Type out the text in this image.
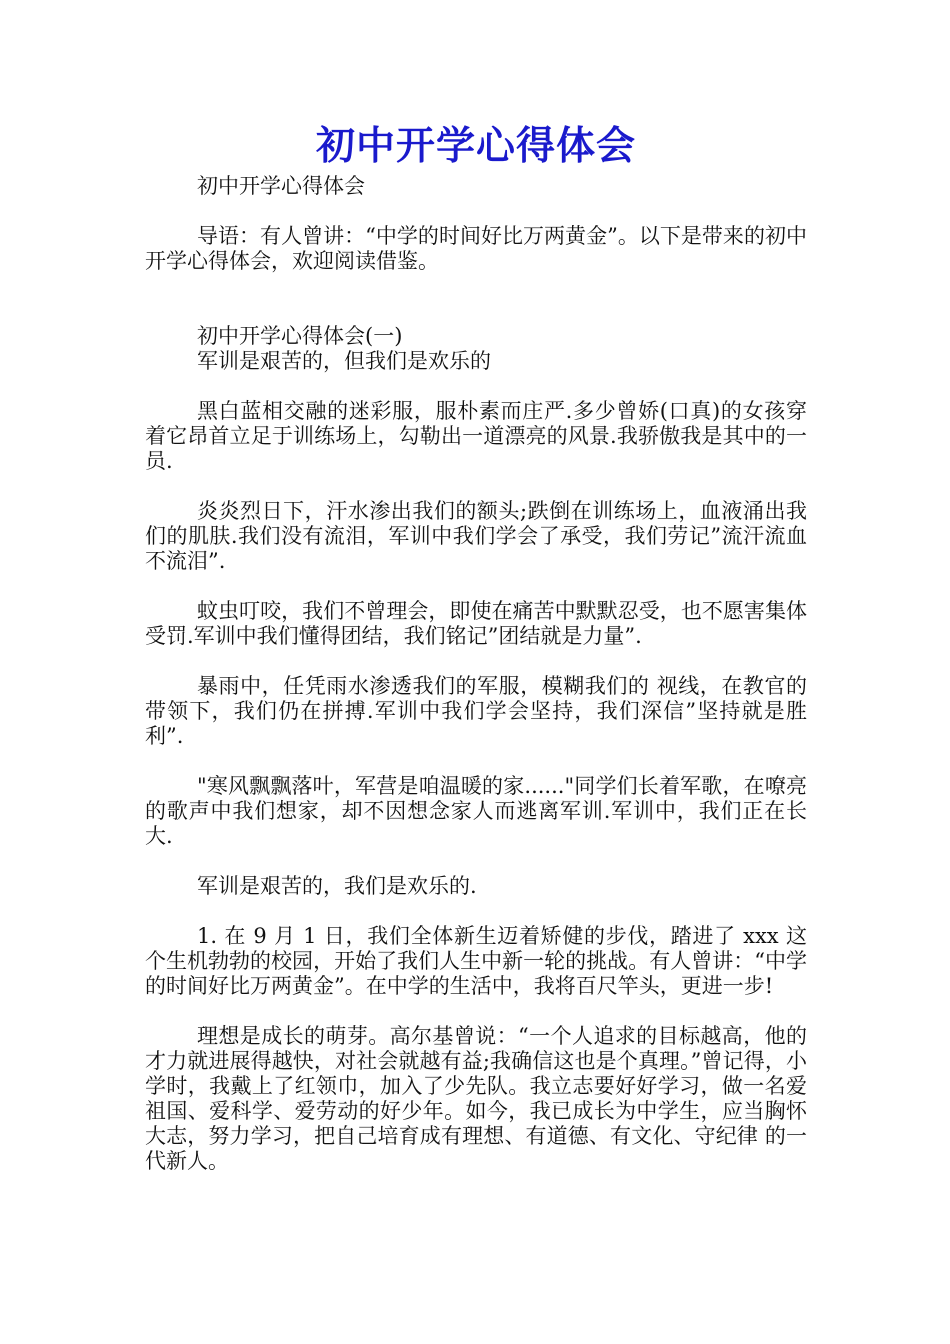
初中开学心得体会

初中开学心得体会

导语：有人曾讲：“中学的时间好比万两黄金”。以下是带来的初中开学心得体会，欢迎阅读借鉴。

初中开学心得体会(一)

军训是艰苦的，但我们是欢乐的

黑白蓝相交融的迷彩服，服朴素而庄严.多少曾娇(口真)的女孩穿着它昂首立足于训练场上，勾勒出一道漂亮的风景.我骄傲我是其中的一员.

炎炎烈日下，汗水渗出我们的额头;跌倒在训练场上，血液涌出我们的肌肤.我们没有流泪，军训中我们学会了承受，我们劳记”流汗流血不流泪”.

蚊虫叮咬，我们不曾理会，即使在痛苦中默默忍受，也不愿害集体受罚.军训中我们懂得团结，我们铭记”团结就是力量”.

暴雨中，任凭雨水渗透我们的军服，模糊我们的 视线，在教官的带领下，我们仍在拼搏.军训中我们学会坚持，我们深信”坚持就是胜利”.

"寒风飘飘落叶，军营是咱温暖的家......"同学们长着军歌，在嘹亮的歌声中我们想家，却不因想念家人而逃离军训.军训中，我们正在长大.

军训是艰苦的，我们是欢乐的.

1. 在 9 月 1 日，我们全体新生迈着矫健的步伐，踏进了 xxx 这个生机勃勃的校园，开始了我们人生中新一轮的挑战。有人曾讲：“中学的时间好比万两黄金”。在中学的生活中，我将百尺竿头，更进一步!

理想是成长的萌芽。高尔基曾说：“一个人追求的目标越高，他的才力就进展得越快，对社会就越有益;我确信这也是个真理。”曾记得，小学时，我戴上了红领巾，加入了少先队。我立志要好好学习，做一名爱祖国、爱科学、爱劳动的好少年。如今，我已成长为中学生，应当胸怀大志，努力学习，把自己培育成有理想、有道德、有文化、守纪律 的一代新人。
